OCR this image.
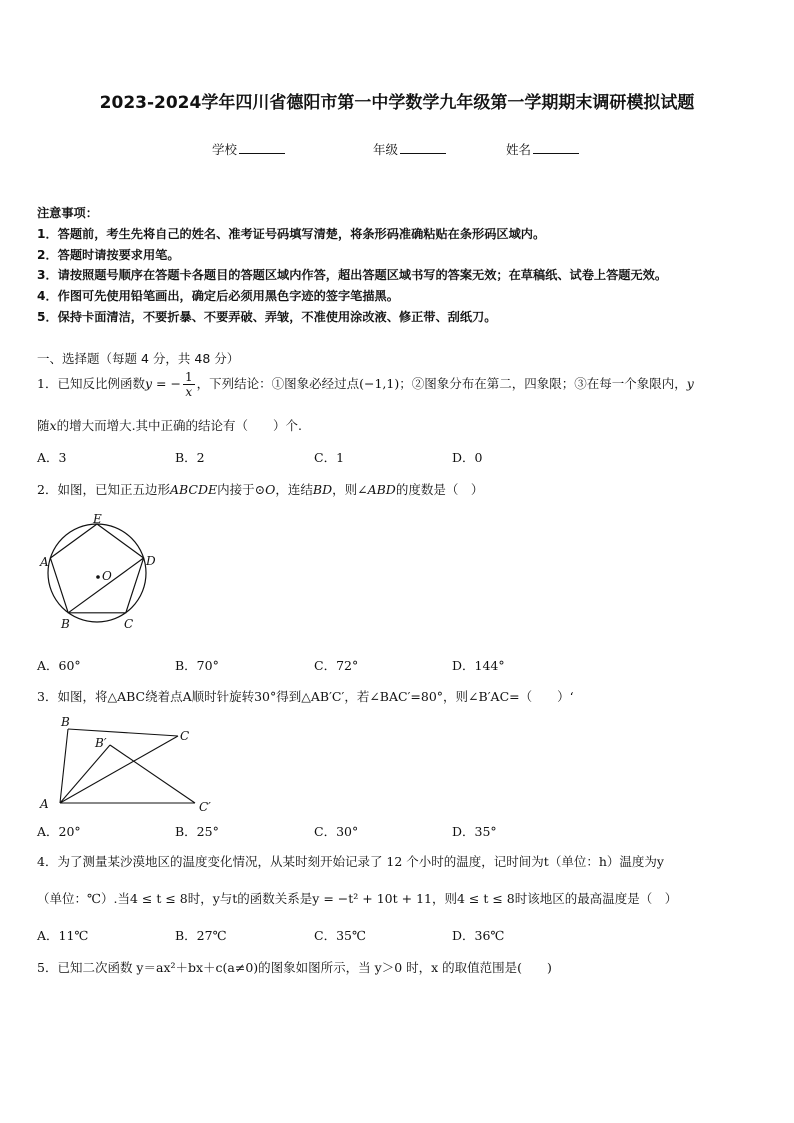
2023-2024学年四川省德阳市第一中学数学九年级第一学期期末调研模拟试题
学校	年级	姓名
注意事项：
1．答题前，考生先将自己的姓名、准考证号码填写清楚，将条形码准确粘贴在条形码区域内。
2．答题时请按要求用笔。
3．请按照题号顺序在答题卡各题目的答题区域内作答，超出答题区域书写的答案无效；在草稿纸、试卷上答题无效。
4．作图可先使用铅笔画出，确定后必须用黑色字迹的签字笔描黑。
5．保持卡面清洁，不要折暴、不要弄破、弄皱，不准使用涂改液、修正带、刮纸刀。
一、选择题（每题 4 分，共 48 分）
1．已知反比例函数y = − $\frac{1}{x}$ ，下列结论：①图象必经过点(−1,1)；②图象分布在第二，四象限；③在每一个象限内，y
随x的增大而增大.其中正确的结论有（　　）个.
A．3	B．2	C．1	D．0
2．如图，已知正五边形ABCDE内接于⊙O，连结BD，则∠ABD的度数是（　）
E
A	D
B	C
O
A．60°	B．70°	C．72°	D．144°
3．如图，将△ABC绕着点A顺时针旋转30°得到△AB′C′，若∠BAC′=80°，则∠B′AC=（　　）‘
B
B′	C
A	C′
A．20°	B．25°	C．30°	D．35°
4．为了测量某沙漠地区的温度变化情况，从某时刻开始记录了 12 个小时的温度，记时间为t（单位：h）温度为y
（单位：℃）.当4 ≤ t ≤ 8时，y与t的函数关系是y = −t² + 10t + 11，则4 ≤ t ≤ 8时该地区的最高温度是（　）
A．11℃	B．27℃	C．35℃	D．36℃
5．已知二次函数 y＝ax²＋bx＋c(a≠0)的图象如图所示，当 y＞0 时，x 的取值范围是(　　)
